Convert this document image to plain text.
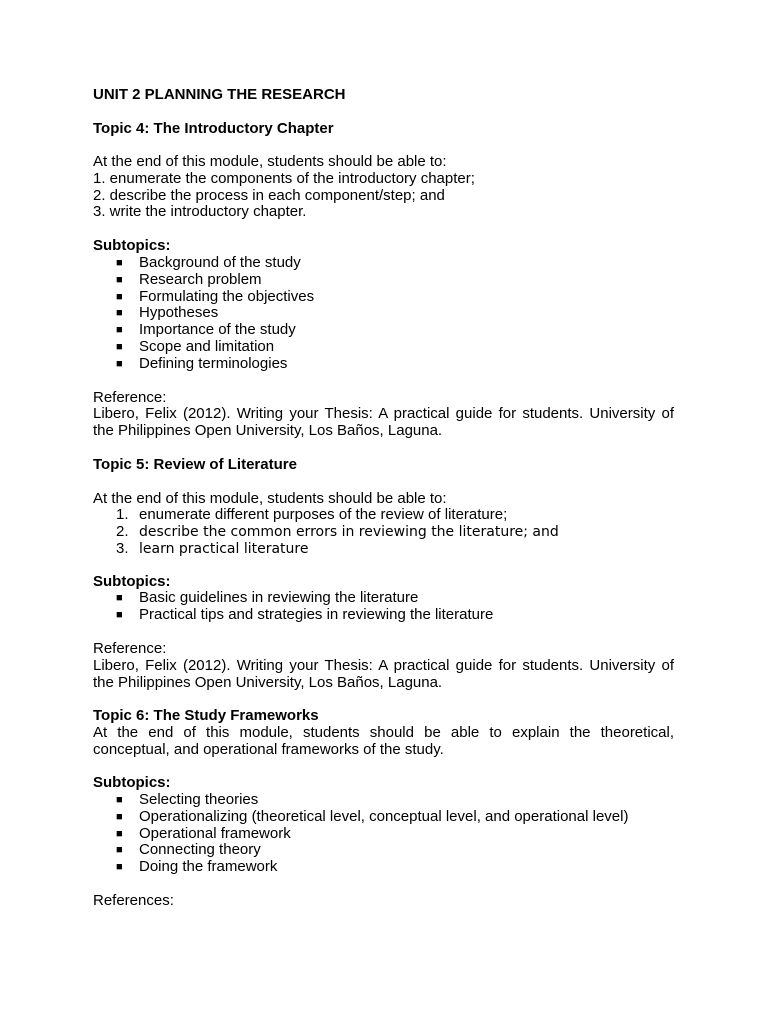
UNIT 2 PLANNING THE RESEARCH
Topic 4: The Introductory Chapter
At the end of this module, students should be able to:
1. enumerate the components of the introductory chapter;
2. describe the process in each component/step; and
3. write the introductory chapter.
Subtopics:
■ Background of the study
■ Research problem
■ Formulating the objectives
■ Hypotheses
■ Importance of the study
■ Scope and limitation
■ Defining terminologies
Reference:
Libero, Felix (2012). Writing your Thesis: A practical guide for students. University of the Philippines Open University, Los Baños, Laguna.
Topic 5: Review of Literature
At the end of this module, students should be able to:
1. enumerate different purposes of the review of literature;
2. describe the common errors in reviewing the literature; and
3. learn practical literature
Subtopics:
■ Basic guidelines in reviewing the literature
■ Practical tips and strategies in reviewing the literature
Reference:
Libero, Felix (2012). Writing your Thesis: A practical guide for students. University of the Philippines Open University, Los Baños, Laguna.
Topic 6: The Study Frameworks
At the end of this module, students should be able to explain the theoretical, conceptual, and operational frameworks of the study.
Subtopics:
■ Selecting theories
■ Operationalizing (theoretical level, conceptual level, and operational level)
■ Operational framework
■ Connecting theory
■ Doing the framework
References:
